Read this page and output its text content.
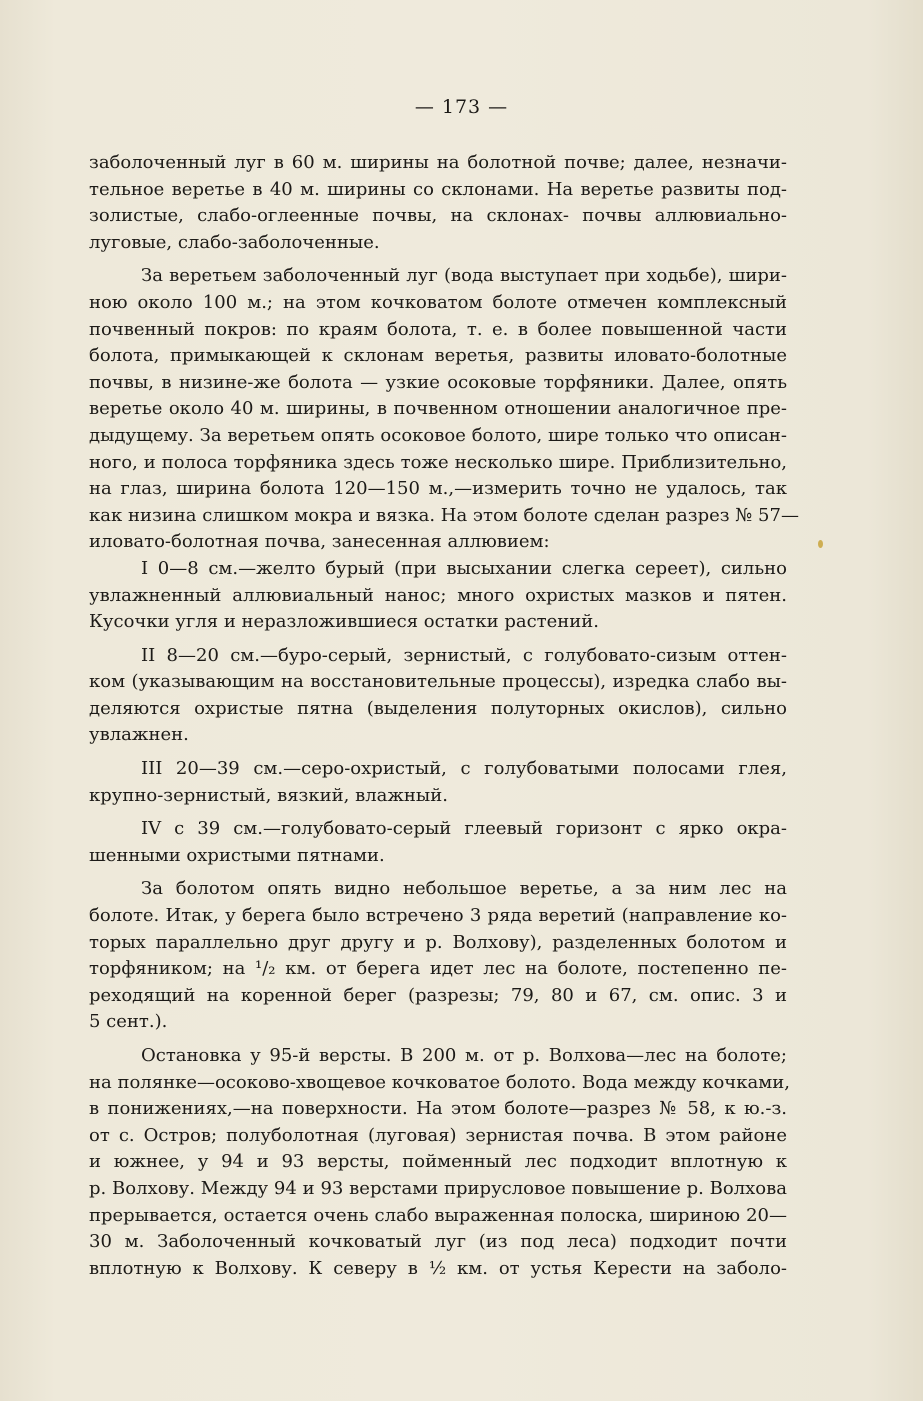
— 173 —
заболоченный луг в 60 м. ширины на болотной почве; далее, незначи-
тельное веретье в 40 м. ширины со склонами. На веретье развиты под-
золистые, слабо-оглеенные почвы, на склонах- почвы аллювиально-
луговые, слабо-заболоченные.
За веретьем заболоченный луг (вода выступает при ходьбе), шири-
ною около 100 м.; на этом кочковатом болоте отмечен комплексный
почвенный покров: по краям болота, т. е. в более повышенной части
болота, примыкающей к склонам веретья, развиты иловато-болотные
почвы, в низине-же болота — узкие осоковые торфяники. Далее, опять
веретье около 40 м. ширины, в почвенном отношении аналогичное пре-
дыдущему. За веретьем опять осоковое болото, шире только что описан-
ного, и полоса торфяника здесь тоже несколько шире. Приблизительно,
на глаз, ширина болота 120—150 м.,—измерить точно не удалось, так
как низина слишком мокра и вязка. На этом болоте сделан разрез № 57—
иловато-болотная почва, занесенная аллювием:
I 0—8 см.—желто бурый (при высыхании слегка сереет), сильно
увлажненный аллювиальный нанос; много охристых мазков и пятен.
Кусочки угля и неразложившиеся остатки растений.
II 8—20 см.—буро-серый, зернистый, с голубовато-сизым оттен-
ком (указывающим на восстановительные процессы), изредка слабо вы-
деляются охристые пятна (выделения полуторных окислов), сильно
увлажнен.
III 20—39 см.—серо-охристый, с голубоватыми полосами глея,
крупно-зернистый, вязкий, влажный.
IV с 39 см.—голубовато-серый глеевый горизонт с ярко окра-
шенными охристыми пятнами.
За болотом опять видно небольшое веретье, а за ним лес на
болоте. Итак, у берега было встречено 3 ряда веретий (направление ко-
торых параллельно друг другу и р. Волхову), разделенных болотом и
торфяником; на ¹/₂ км. от берега идет лес на болоте, постепенно пе-
реходящий на коренной берег (разрезы; 79, 80 и 67, см. опис. 3 и
5 сент.).
Остановка у 95-й версты. В 200 м. от р. Волхова—лес на болоте;
на полянке—осоково-хвощевое кочковатое болото. Вода между кочками,
в понижениях,—на поверхности. На этом болоте—разрез № 58, к ю.-з.
от с. Остров; полуболотная (луговая) зернистая почва. В этом районе
и южнее, у 94 и 93 версты, пойменный лес подходит вплотную к
р. Волхову. Между 94 и 93 верстами прирусловое повышение р. Волхова
прерывается, остается очень слабо выраженная полоска, шириною 20—
30 м. Заболоченный кочковатый луг (из под леса) подходит почти
вплотную к Волхову. К северу в ½ км. от устья Керести на заболо-
